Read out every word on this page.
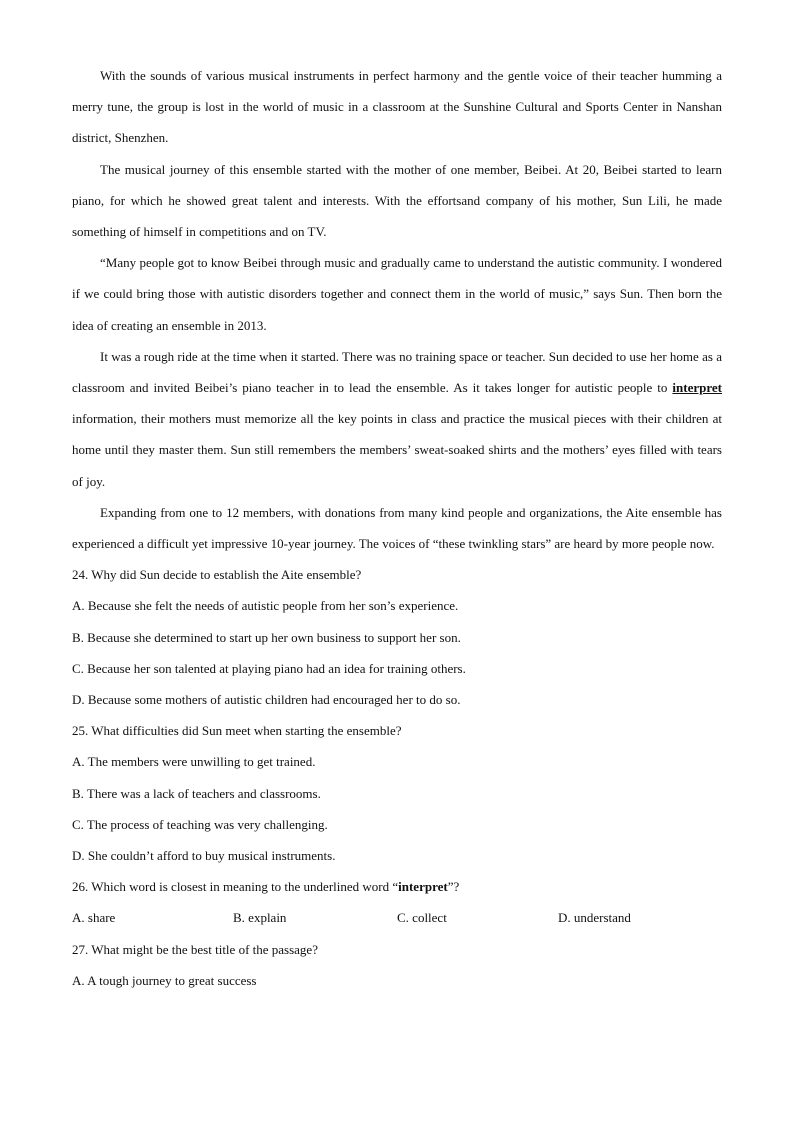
With the sounds of various musical instruments in perfect harmony and the gentle voice of their teacher humming a merry tune, the group is lost in the world of music in a classroom at the Sunshine Cultural and Sports Center in Nanshan district, Shenzhen.

The musical journey of this ensemble started with the mother of one member, Beibei. At 20, Beibei started to learn piano, for which he showed great talent and interests. With the effortsand company of his mother, Sun Lili, he made something of himself in competitions and on TV.

“Many people got to know Beibei through music and gradually came to understand the autistic community. I wondered if we could bring those with autistic disorders together and connect them in the world of music,” says Sun. Then born the idea of creating an ensemble in 2013.

It was a rough ride at the time when it started. There was no training space or teacher. Sun decided to use her home as a classroom and invited Beibei’s piano teacher in to lead the ensemble. As it takes longer for autistic people to interpret information, their mothers must memorize all the key points in class and practice the musical pieces with their children at home until they master them. Sun still remembers the members’ sweat-soaked shirts and the mothers’ eyes filled with tears of joy.

Expanding from one to 12 members, with donations from many kind people and organizations, the Aite ensemble has experienced a difficult yet impressive 10-year journey. The voices of “these twinkling stars” are heard by more people now.

24. Why did Sun decide to establish the Aite ensemble?

A. Because she felt the needs of autistic people from her son’s experience.

B. Because she determined to start up her own business to support her son.

C. Because her son talented at playing piano had an idea for training others.

D. Because some mothers of autistic children had encouraged her to do so.

25. What difficulties did Sun meet when starting the ensemble?

A. The members were unwilling to get trained.

B. There was a lack of teachers and classrooms.

C. The process of teaching was very challenging.

D. She couldn’t afford to buy musical instruments.

26. Which word is closest in meaning to the underlined word “interpret”?

A. share	B. explain	C. collect	D. understand

27. What might be the best title of the passage?

A. A tough journey to great success
